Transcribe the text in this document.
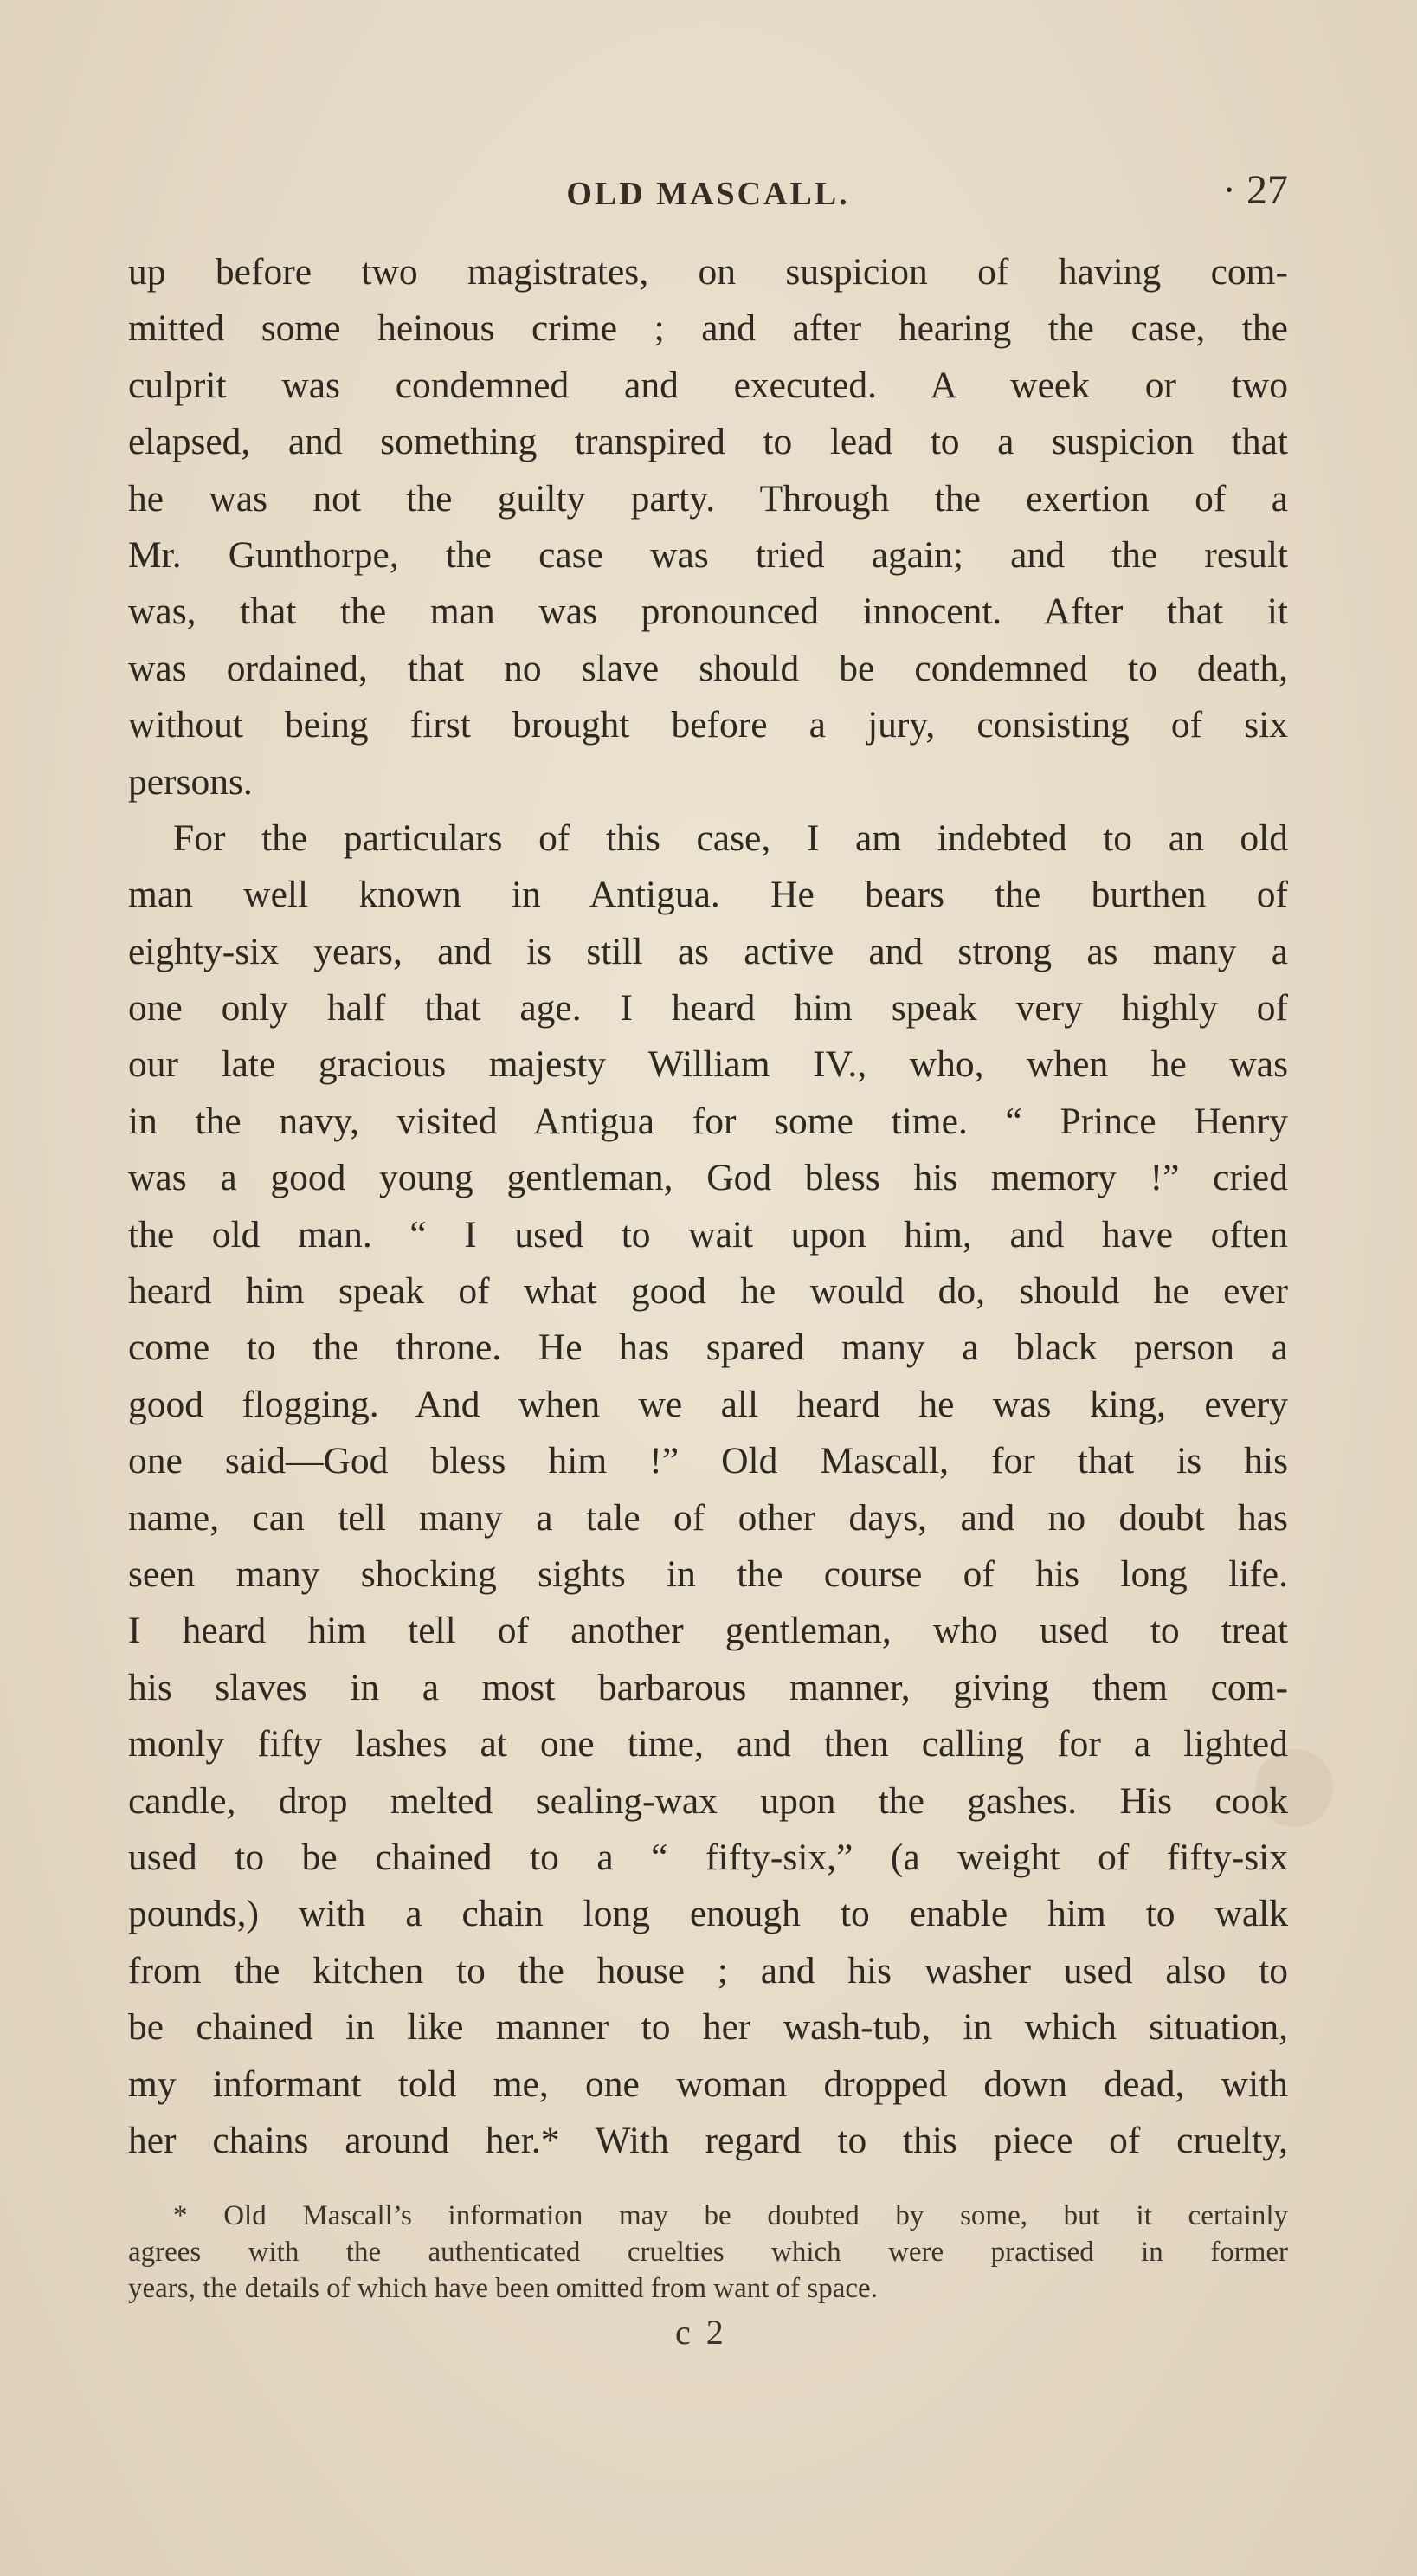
OLD MASCALL.	· 27
up before two magistrates, on suspicion of having com-
mitted some heinous crime ; and after hearing the case, the
culprit was condemned and executed. A week or two
elapsed, and something transpired to lead to a suspicion that
he was not the guilty party. Through the exertion of a
Mr. Gunthorpe, the case was tried again; and the result
was, that the man was pronounced innocent. After that it
was ordained, that no slave should be condemned to death,
without being first brought before a jury, consisting of six
persons.
For the particulars of this case, I am indebted to an old
man well known in Antigua. He bears the burthen of
eighty-six years, and is still as active and strong as many a
one only half that age. I heard him speak very highly of
our late gracious majesty William IV., who, when he was
in the navy, visited Antigua for some time. “ Prince Henry
was a good young gentleman, God bless his memory !” cried
the old man. “ I used to wait upon him, and have often
heard him speak of what good he would do, should he ever
come to the throne. He has spared many a black person a
good flogging. And when we all heard he was king, every
one said—God bless him !” Old Mascall, for that is his
name, can tell many a tale of other days, and no doubt has
seen many shocking sights in the course of his long life.
I heard him tell of another gentleman, who used to treat
his slaves in a most barbarous manner, giving them com-
monly fifty lashes at one time, and then calling for a lighted
candle, drop melted sealing-wax upon the gashes. His cook
used to be chained to a “ fifty-six,” (a weight of fifty-six
pounds,) with a chain long enough to enable him to walk
from the kitchen to the house ; and his washer used also to
be chained in like manner to her wash-tub, in which situation,
my informant told me, one woman dropped down dead, with
her chains around her.* With regard to this piece of cruelty,
* Old Mascall’s information may be doubted by some, but it certainly
agrees with the authenticated cruelties which were practised in former
years, the details of which have been omitted from want of space.
c 2
